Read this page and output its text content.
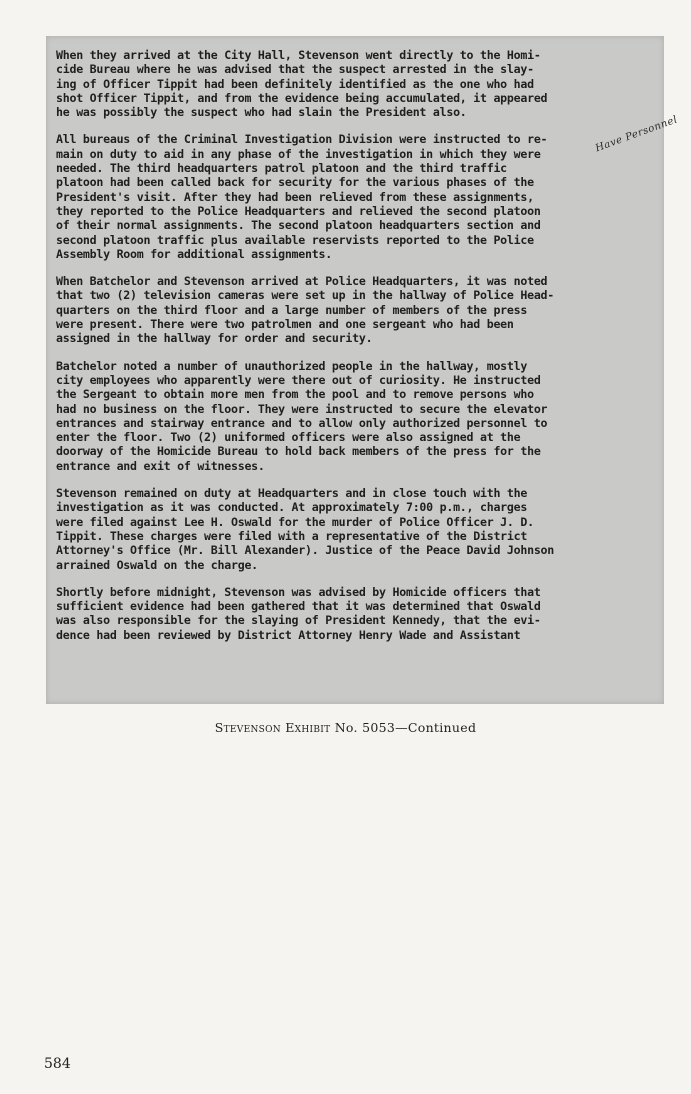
When they arrived at the City Hall, Stevenson went directly to the Homi-
cide Bureau where he was advised that the suspect arrested in the slay-
ing of Officer Tippit had been definitely identified as the one who had
shot Officer Tippit, and from the evidence being accumulated, it appeared
he was possibly the suspect who had slain the President also.

All bureaus of the Criminal Investigation Division were instructed to re-
main on duty to aid in any phase of the investigation in which they were
needed. The third headquarters patrol platoon and the third traffic
platoon had been called back for security for the various phases of the
President's visit. After they had been relieved from these assignments,
they reported to the Police Headquarters and relieved the second platoon
of their normal assignments. The second platoon headquarters section and
second platoon traffic plus available reservists reported to the Police
Assembly Room for additional assignments.

When Batchelor and Stevenson arrived at Police Headquarters, it was noted
that two (2) television cameras were set up in the hallway of Police Head-
quarters on the third floor and a large number of members of the press
were present. There were two patrolmen and one sergeant who had been
assigned in the hallway for order and security.

Batchelor noted a number of unauthorized people in the hallway, mostly
city employees who apparently were there out of curiosity. He instructed
the Sergeant to obtain more men from the pool and to remove persons who
had no business on the floor. They were instructed to secure the elevator
entrances and stairway entrance and to allow only authorized personnel to
enter the floor. Two (2) uniformed officers were also assigned at the
doorway of the Homicide Bureau to hold back members of the press for the
entrance and exit of witnesses.

Stevenson remained on duty at Headquarters and in close touch with the
investigation as it was conducted. At approximately 7:00 p.m., charges
were filed against Lee H. Oswald for the murder of Police Officer J. D.
Tippit. These charges were filed with a representative of the District
Attorney's Office (Mr. Bill Alexander). Justice of the Peace David Johnson
arrained Oswald on the charge.

Shortly before midnight, Stevenson was advised by Homicide officers that
sufficient evidence had been gathered that it was determined that Oswald
was also responsible for the slaying of President Kennedy, that the evi-
dence had been reviewed by District Attorney Henry Wade and Assistant

Have Personnel
Stevenson Exhibit No. 5053—Continued
584
